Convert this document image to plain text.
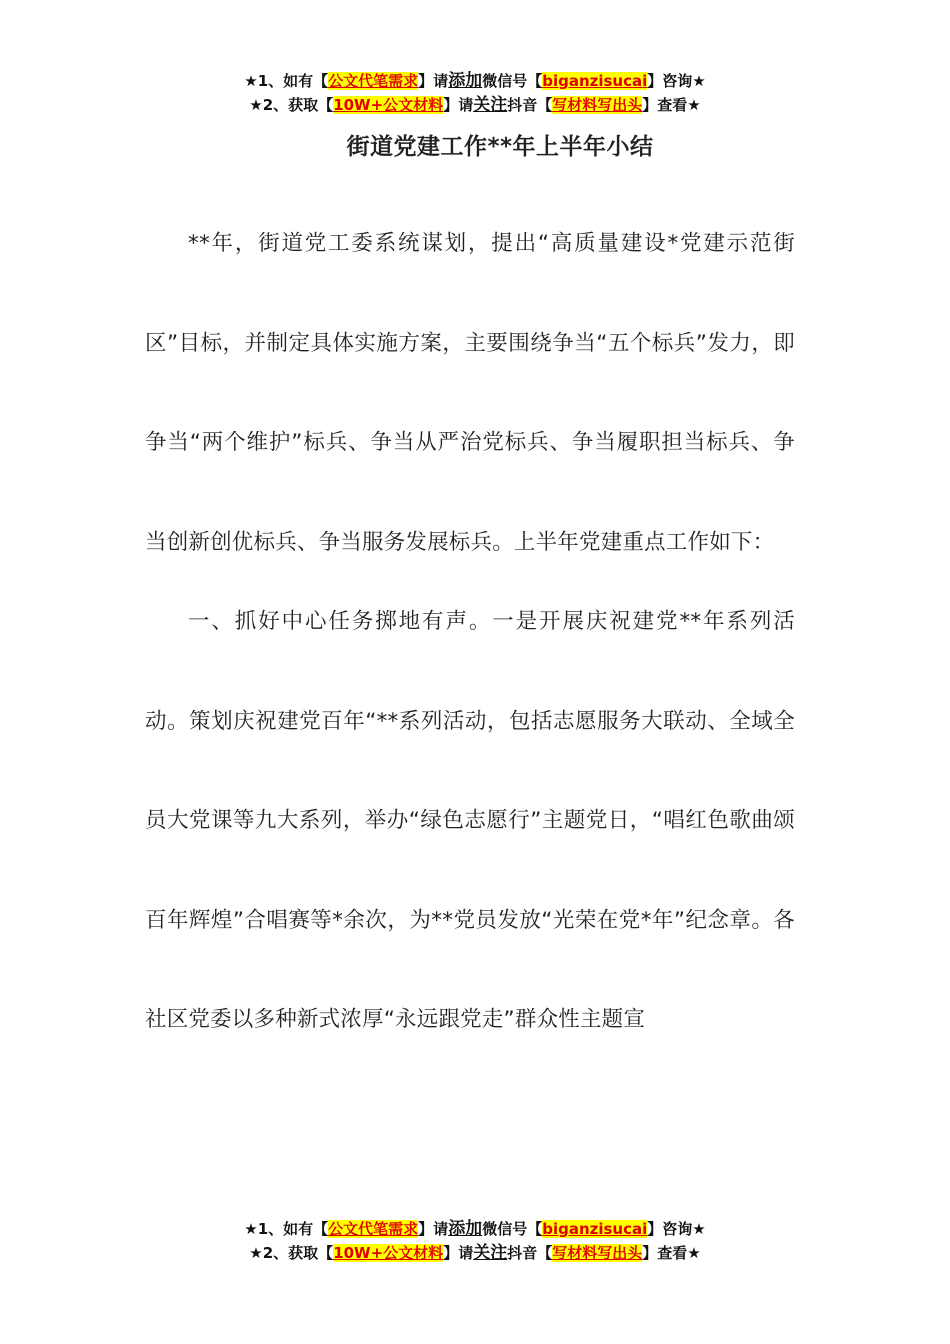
★1、如有【公文代笔需求】请添加微信号【biganzisucai】咨询★
★2、获取【10W+公文材料】请关注抖音【写材料写出头】查看★
街道党建工作**年上半年小结

**年，街道党工委系统谋划，提出“高质量建设*党建示范街区”目标，并制定具体实施方案，主要围绕争当“五个标兵”发力，即争当“两个维护”标兵、争当从严治党标兵、争当履职担当标兵、争当创新创优标兵、争当服务发展标兵。上半年党建重点工作如下：

一、抓好中心任务掷地有声。一是开展庆祝建党**年系列活动。策划庆祝建党百年“**系列活动，包括志愿服务大联动、全域全员大党课等九大系列，举办“绿色志愿行”主题党日，“唱红色歌曲颂百年辉煌”合唱赛等*余次，为**党员发放“光荣在党*年”纪念章。各社区党委以多种新式浓厚“永远跟党走”群众性主题宣

★1、如有【公文代笔需求】请添加微信号【biganzisucai】咨询★
★2、获取【10W+公文材料】请关注抖音【写材料写出头】查看★
